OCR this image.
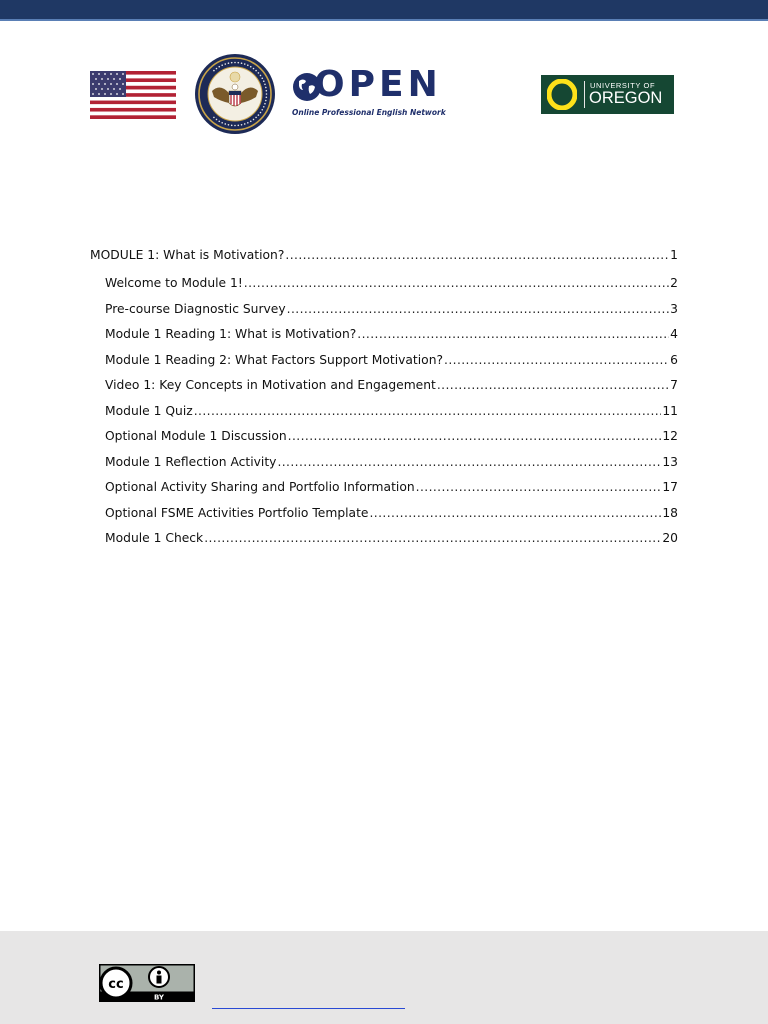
OPEN
Online Professional English Network
UNIVERSITY OF
OREGON
MODULE 1: What is Motivation? .....	1
Welcome to Module 1! .....	2
Pre-course Diagnostic Survey .....	3
Module 1 Reading 1: What is Motivation? .....	4
Module 1 Reading 2: What Factors Support Motivation? .....	6
Video 1: Key Concepts in Motivation and Engagement .....	7
Module 1 Quiz .....	11
Optional Module 1 Discussion .....	12
Module 1 Reflection Activity .....	13
Optional Activity Sharing and Portfolio Information .....	17
Optional FSME Activities Portfolio Template .....	18
Module 1 Check .....	20
cc
BY
